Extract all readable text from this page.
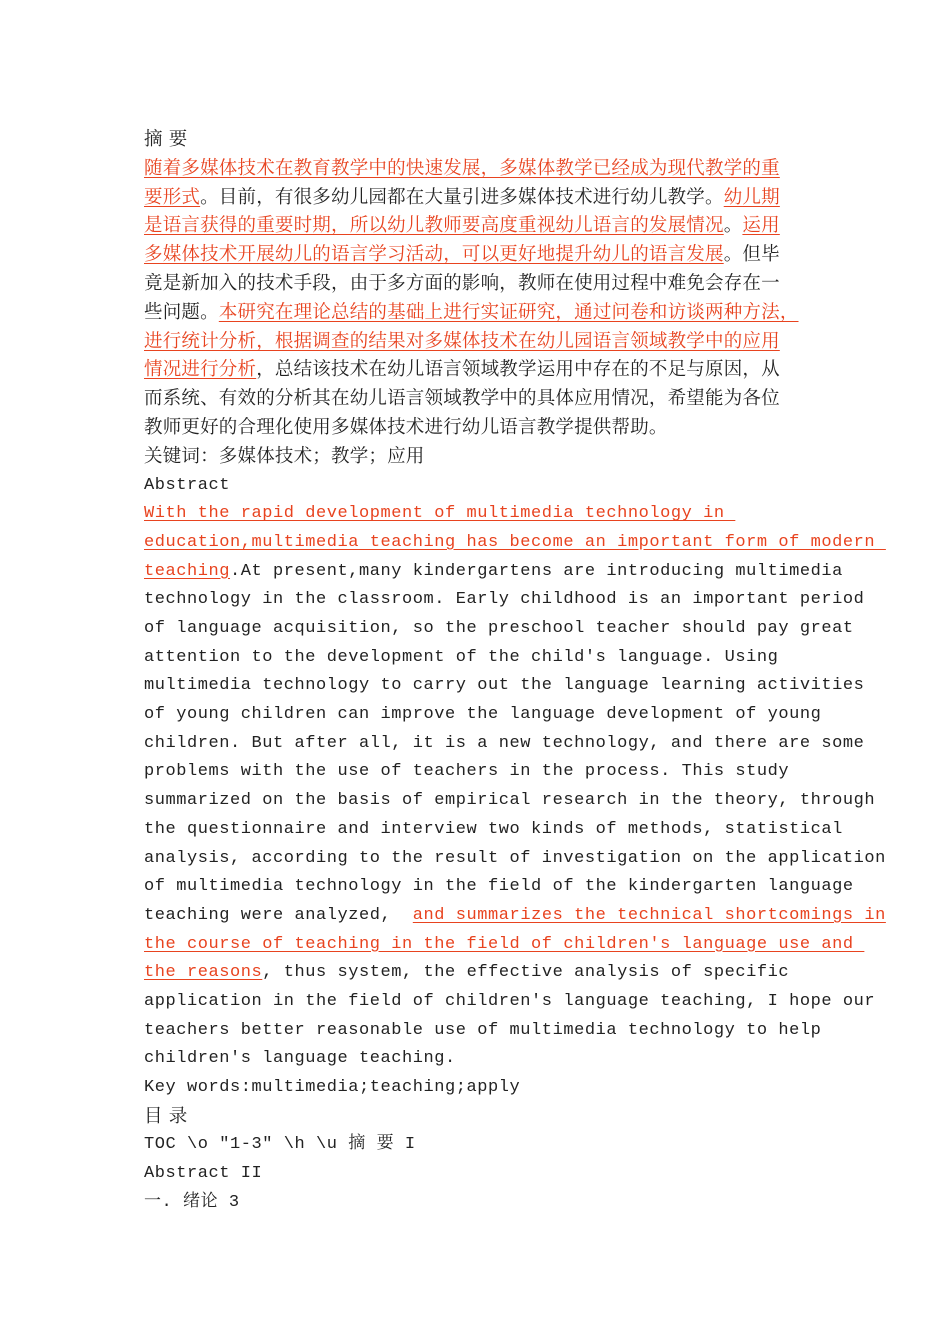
摘 要

随着多媒体技术在教育教学中的快速发展，多媒体教学已经成为现代教学的重

要形式。目前，有很多幼儿园都在大量引进多媒体技术进行幼儿教学。幼儿期

是语言获得的重要时期，所以幼儿教师要高度重视幼儿语言的发展情况。运用

多媒体技术开展幼儿的语言学习活动，可以更好地提升幼儿的语言发展。但毕

竟是新加入的技术手段，由于多方面的影响，教师在使用过程中难免会存在一

些问题。本研究在理论总结的基础上进行实证研究，通过问卷和访谈两种方法，

进行统计分析，根据调查的结果对多媒体技术在幼儿园语言领域教学中的应用

情况进行分析，总结该技术在幼儿语言领域教学运用中存在的不足与原因，从

而系统、有效的分析其在幼儿语言领域教学中的具体应用情况，希望能为各位

教师更好的合理化使用多媒体技术进行幼儿语言教学提供帮助。

关键词：多媒体技术；教学；应用

Abstract

With the rapid development of multimedia technology in

education,multimedia teaching has become an important form of modern

teaching.At present,many kindergartens are introducing multimedia

technology in the classroom. Early childhood is an important period

of language acquisition, so the preschool teacher should pay great

attention to the development of the child's language. Using

multimedia technology to carry out the language learning activities

of young children can improve the language development of young

children. But after all, it is a new technology, and there are some

problems with the use of teachers in the process. This study

summarized on the basis of empirical research in the theory, through

the questionnaire and interview two kinds of methods, statistical

analysis, according to the result of investigation on the application

of multimedia technology in the field of the kindergarten language

teaching were analyzed,  and summarizes the technical shortcomings in

the course of teaching in the field of children's language use and

the reasons, thus system, the effective analysis of specific

application in the field of children's language teaching, I hope our

teachers better reasonable use of multimedia technology to help

children's language teaching.

Key words:multimedia;teaching;apply

目 录

TOC \o "1-3" \h \u 摘 要 I

Abstract II

一. 绪论 3
